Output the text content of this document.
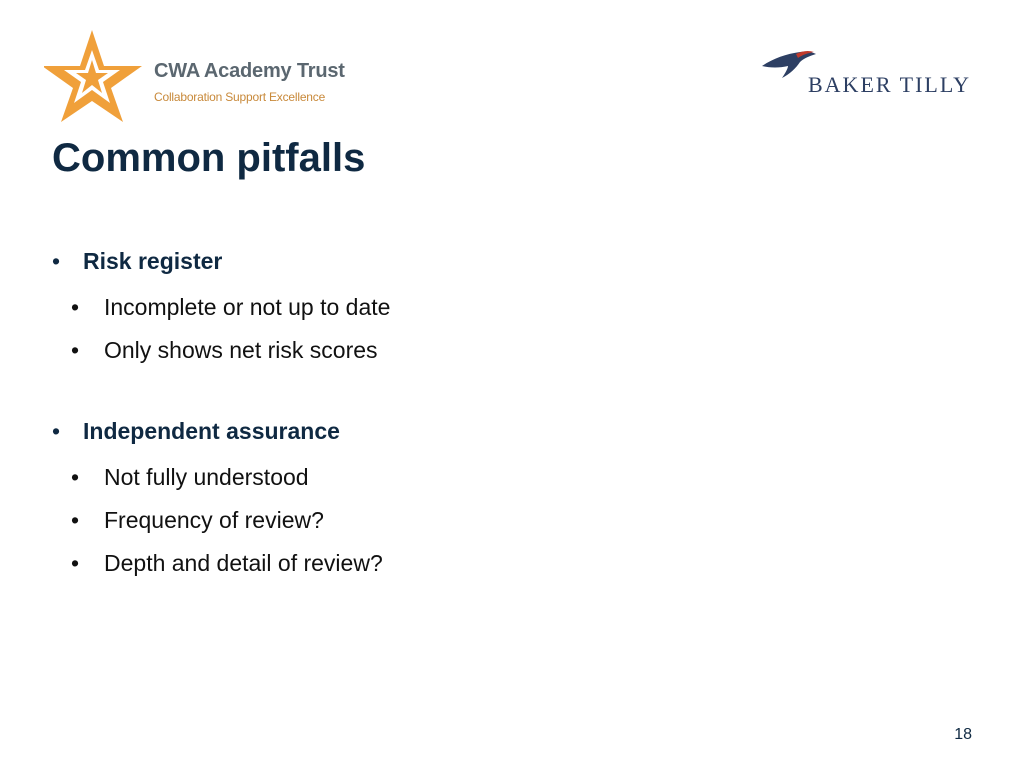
CWA Academy Trust
Collaboration Support Excellence	BAKER TILLY
Common pitfalls
• Risk register
• Incomplete or not up to date
• Only shows net risk scores
• Independent assurance
• Not fully understood
• Frequency of review?
• Depth and detail of review?
18
